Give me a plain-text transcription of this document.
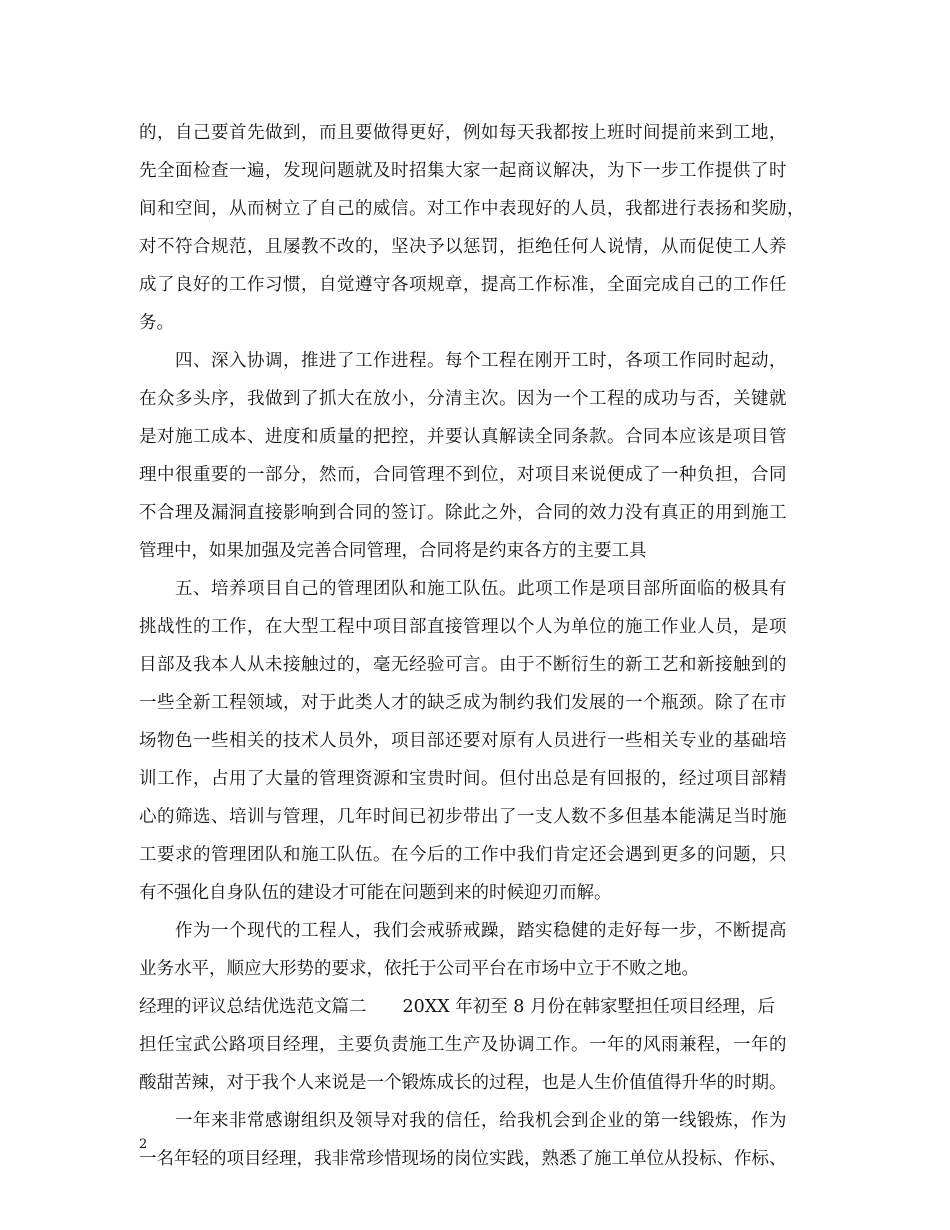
的，自己要首先做到，而且要做得更好，例如每天我都按上班时间提前来到工地，
先全面检查一遍，发现问题就及时招集大家一起商议解决，为下一步工作提供了时
间和空间，从而树立了自己的威信。对工作中表现好的人员，我都进行表扬和奖励，
对不符合规范，且屡教不改的，坚决予以惩罚，拒绝任何人说情，从而促使工人养
成了良好的工作习惯，自觉遵守各项规章，提高工作标准，全面完成自己的工作任
务。
四、深入协调，推进了工作进程。每个工程在刚开工时，各项工作同时起动，
在众多头序，我做到了抓大在放小，分清主次。因为一个工程的成功与否，关键就
是对施工成本、进度和质量的把控，并要认真解读全同条款。合同本应该是项目管
理中很重要的一部分，然而，合同管理不到位，对项目来说便成了一种负担，合同
不合理及漏洞直接影响到合同的签订。除此之外，合同的效力没有真正的用到施工
管理中，如果加强及完善合同管理，合同将是约束各方的主要工具
五、培养项目自己的管理团队和施工队伍。此项工作是项目部所面临的极具有
挑战性的工作，在大型工程中项目部直接管理以个人为单位的施工作业人员，是项
目部及我本人从未接触过的，毫无经验可言。由于不断衍生的新工艺和新接触到的
一些全新工程领域，对于此类人才的缺乏成为制约我们发展的一个瓶颈。除了在市
场物色一些相关的技术人员外，项目部还要对原有人员进行一些相关专业的基础培
训工作，占用了大量的管理资源和宝贵时间。但付出总是有回报的，经过项目部精
心的筛选、培训与管理，几年时间已初步带出了一支人数不多但基本能满足当时施
工要求的管理团队和施工队伍。在今后的工作中我们肯定还会遇到更多的问题，只
有不强化自身队伍的建设才可能在问题到来的时候迎刃而解。
作为一个现代的工程人，我们会戒骄戒躁，踏实稳健的走好每一步，不断提高
业务水平，顺应大形势的要求，依托于公司平台在市场中立于不败之地。
经理的评议总结优选范文篇二 20XX 年初至 8 月份在韩家墅担任项目经理，后
担任宝武公路项目经理，主要负责施工生产及协调工作。一年的风雨兼程，一年的
酸甜苦辣，对于我个人来说是一个锻炼成长的过程，也是人生价值值得升华的时期。
一年来非常感谢组织及领导对我的信任，给我机会到企业的第一线锻炼，作为
一名年轻的项目经理，我非常珍惜现场的岗位实践，熟悉了施工单位从投标、作标、
2
